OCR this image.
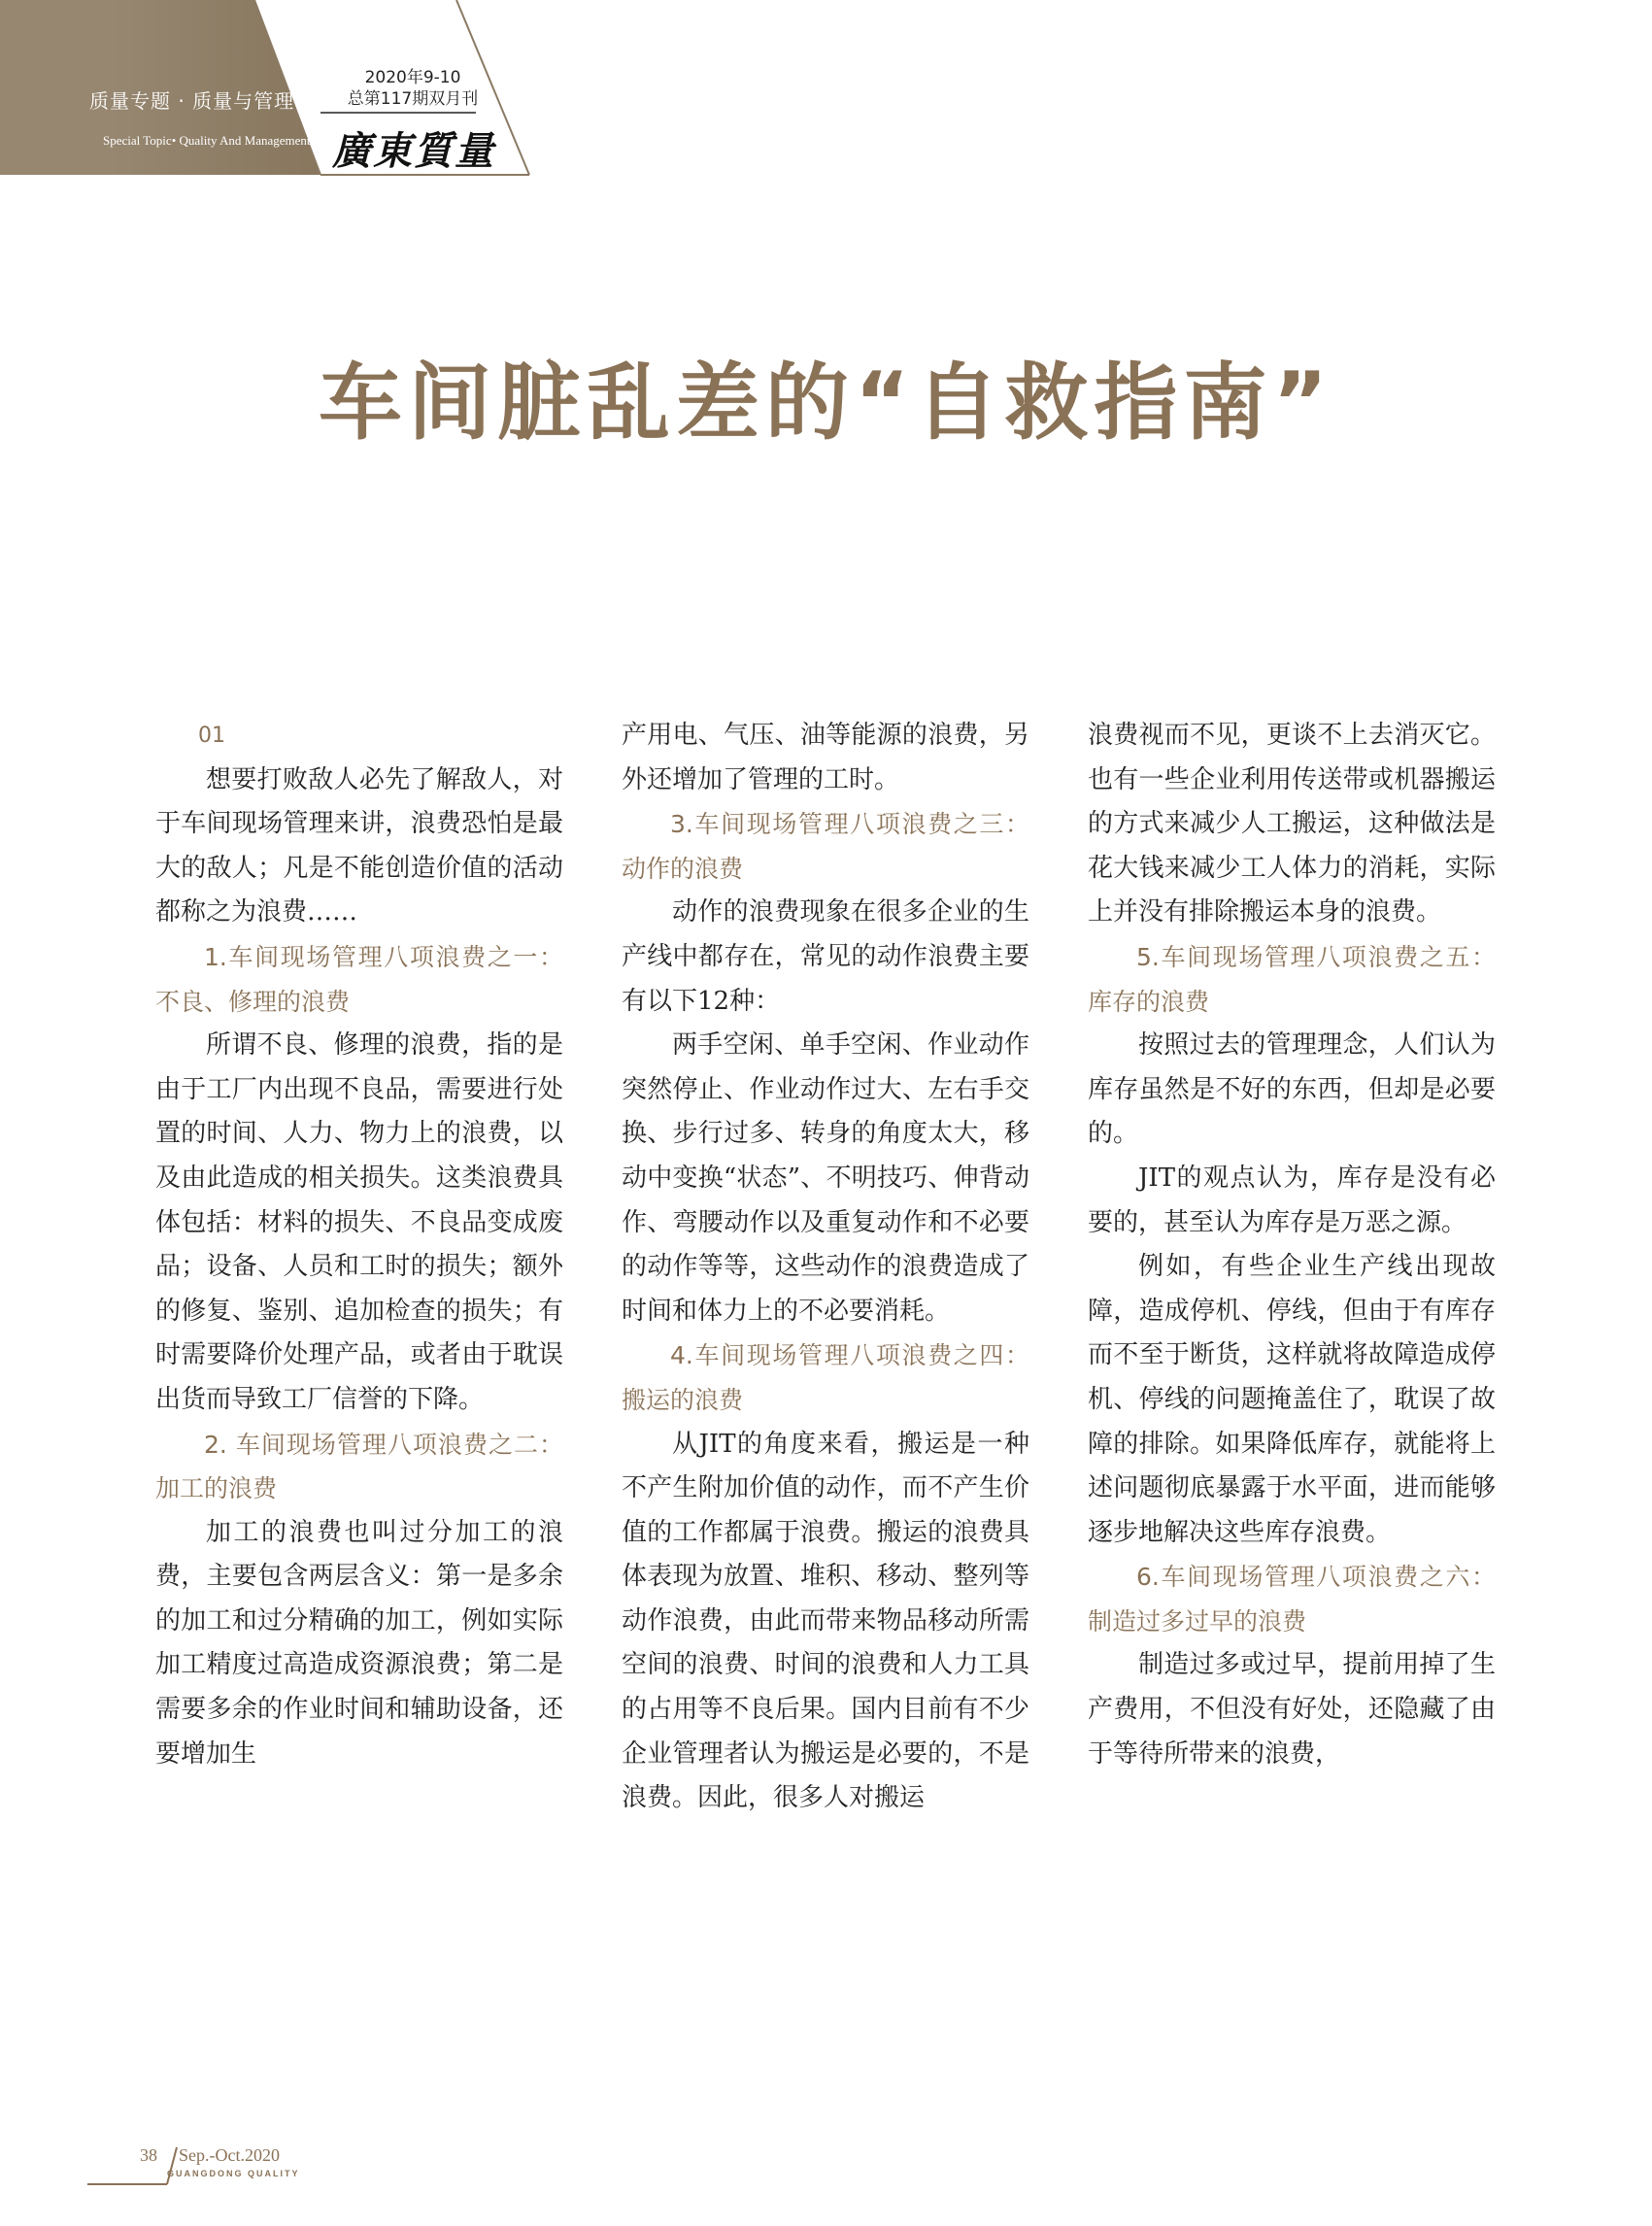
质量专题 · 质量与管理
Special Topic• Quality And Management
2020年9-10
总第117期双月刊
廣東質量
车间脏乱差的“自救指南”

01

想要打败敌人必先了解敌人，对于车间现场管理来讲，浪费恐怕是最大的敌人；凡是不能创造价值的活动都称之为浪费……

1.车间现场管理八项浪费之一：不良、修理的浪费

所谓不良、修理的浪费，指的是由于工厂内出现不良品，需要进行处置的时间、人力、物力上的浪费，以及由此造成的相关损失。这类浪费具体包括：材料的损失、不良品变成废品；设备、人员和工时的损失；额外的修复、鉴别、追加检查的损失；有时需要降价处理产品，或者由于耽误出货而导致工厂信誉的下降。

2. 车间现场管理八项浪费之二：加工的浪费

加工的浪费也叫过分加工的浪费，主要包含两层含义：第一是多余的加工和过分精确的加工，例如实际加工精度过高造成资源浪费；第二是需要多余的作业时间和辅助设备，还要增加生

产用电、气压、油等能源的浪费，另外还增加了管理的工时。

3.车间现场管理八项浪费之三：动作的浪费

动作的浪费现象在很多企业的生产线中都存在，常见的动作浪费主要有以下12种：

两手空闲、单手空闲、作业动作突然停止、作业动作过大、左右手交换、步行过多、转身的角度太大，移动中变换“状态”、不明技巧、伸背动作、弯腰动作以及重复动作和不必要的动作等等，这些动作的浪费造成了时间和体力上的不必要消耗。

4.车间现场管理八项浪费之四：搬运的浪费

从JIT的角度来看，搬运是一种不产生附加价值的动作，而不产生价值的工作都属于浪费。搬运的浪费具体表现为放置、堆积、移动、整列等动作浪费，由此而带来物品移动所需空间的浪费、时间的浪费和人力工具的占用等不良后果。国内目前有不少企业管理者认为搬运是必要的，不是浪费。因此，很多人对搬运

浪费视而不见，更谈不上去消灭它。也有一些企业利用传送带或机器搬运的方式来减少人工搬运，这种做法是花大钱来减少工人体力的消耗，实际上并没有排除搬运本身的浪费。

5.车间现场管理八项浪费之五：库存的浪费

按照过去的管理理念，人们认为库存虽然是不好的东西，但却是必要的。

JIT的观点认为，库存是没有必要的，甚至认为库存是万恶之源。

例如，有些企业生产线出现故障，造成停机、停线，但由于有库存而不至于断货，这样就将故障造成停机、停线的问题掩盖住了，耽误了故障的排除。如果降低库存，就能将上述问题彻底暴露于水平面，进而能够逐步地解决这些库存浪费。

6.车间现场管理八项浪费之六：制造过多过早的浪费

制造过多或过早，提前用掉了生产费用，不但没有好处，还隐藏了由于等待所带来的浪费，

38 Sep.-Oct.2020
GUANGDONG QUALITY
